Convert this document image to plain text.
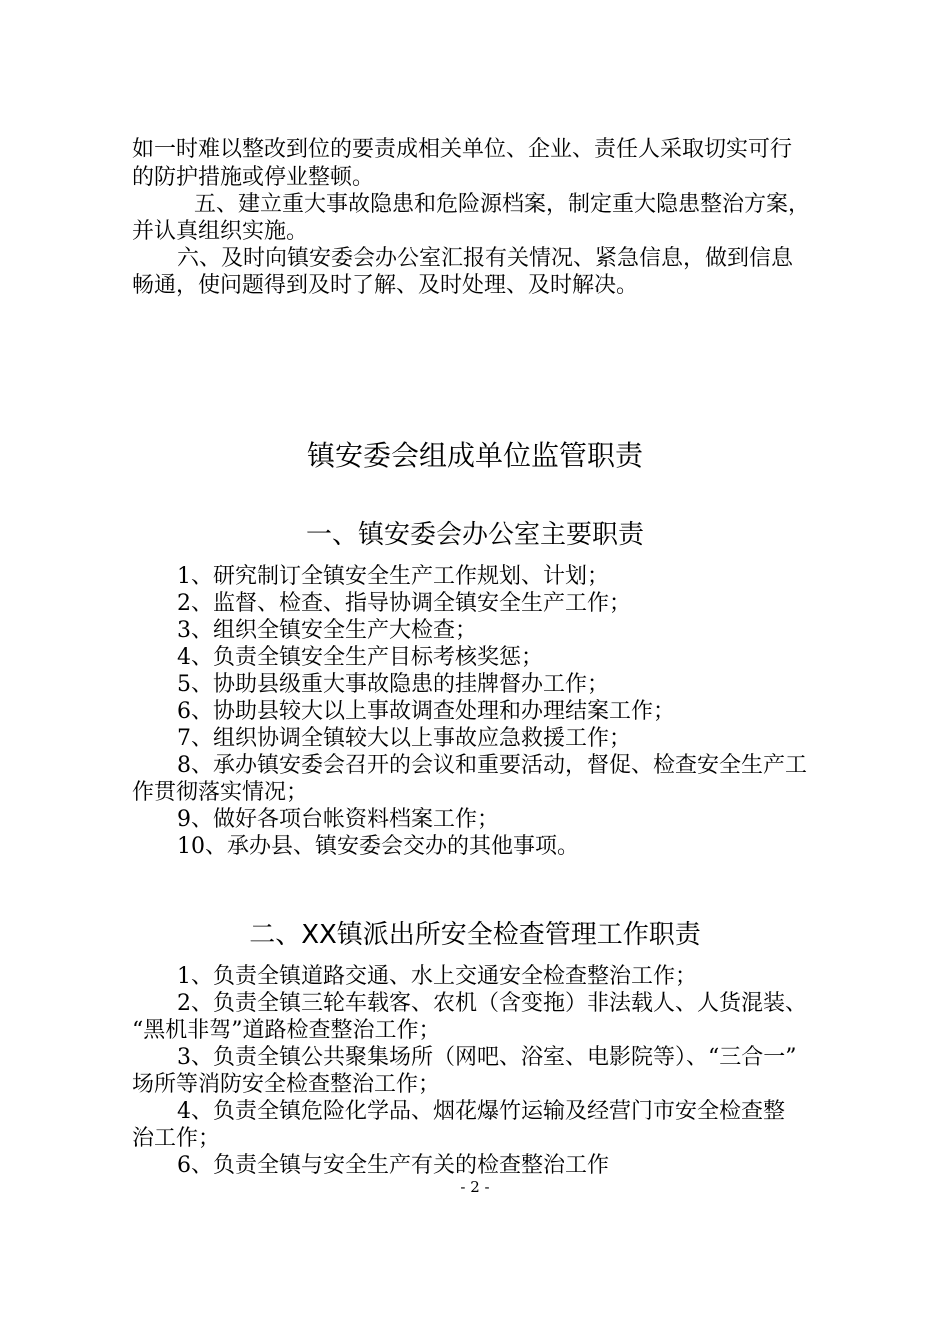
如一时难以整改到位的要责成相关单位、企业、责任人采取切实可行
的防护措施或停业整顿。
五、建立重大事故隐患和危险源档案，制定重大隐患整治方案，
并认真组织实施。
六、及时向镇安委会办公室汇报有关情况、紧急信息，做到信息
畅通，使问题得到及时了解、及时处理、及时解决。
镇安委会组成单位监管职责
一、镇安委会办公室主要职责
1、研究制订全镇安全生产工作规划、计划；
2、监督、检查、指导协调全镇安全生产工作；
3、组织全镇安全生产大检查；
4、负责全镇安全生产目标考核奖惩；
5、协助县级重大事故隐患的挂牌督办工作；
6、协助县较大以上事故调查处理和办理结案工作；
7、组织协调全镇较大以上事故应急救援工作；
8、承办镇安委会召开的会议和重要活动，督促、检查安全生产工
作贯彻落实情况；
9、做好各项台帐资料档案工作；
10、承办县、镇安委会交办的其他事项。
二、XX镇派出所安全检查管理工作职责
1、负责全镇道路交通、水上交通安全检查整治工作；
2、负责全镇三轮车载客、农机（含变拖）非法载人、人货混装、
“黑机非驾”道路检查整治工作；
3、负责全镇公共聚集场所（网吧、浴室、电影院等）、“三合一”
场所等消防安全检查整治工作；
4、负责全镇危险化学品、烟花爆竹运输及经营门市安全检查整
治工作；
6、负责全镇与安全生产有关的检查整治工作
- 2 -
